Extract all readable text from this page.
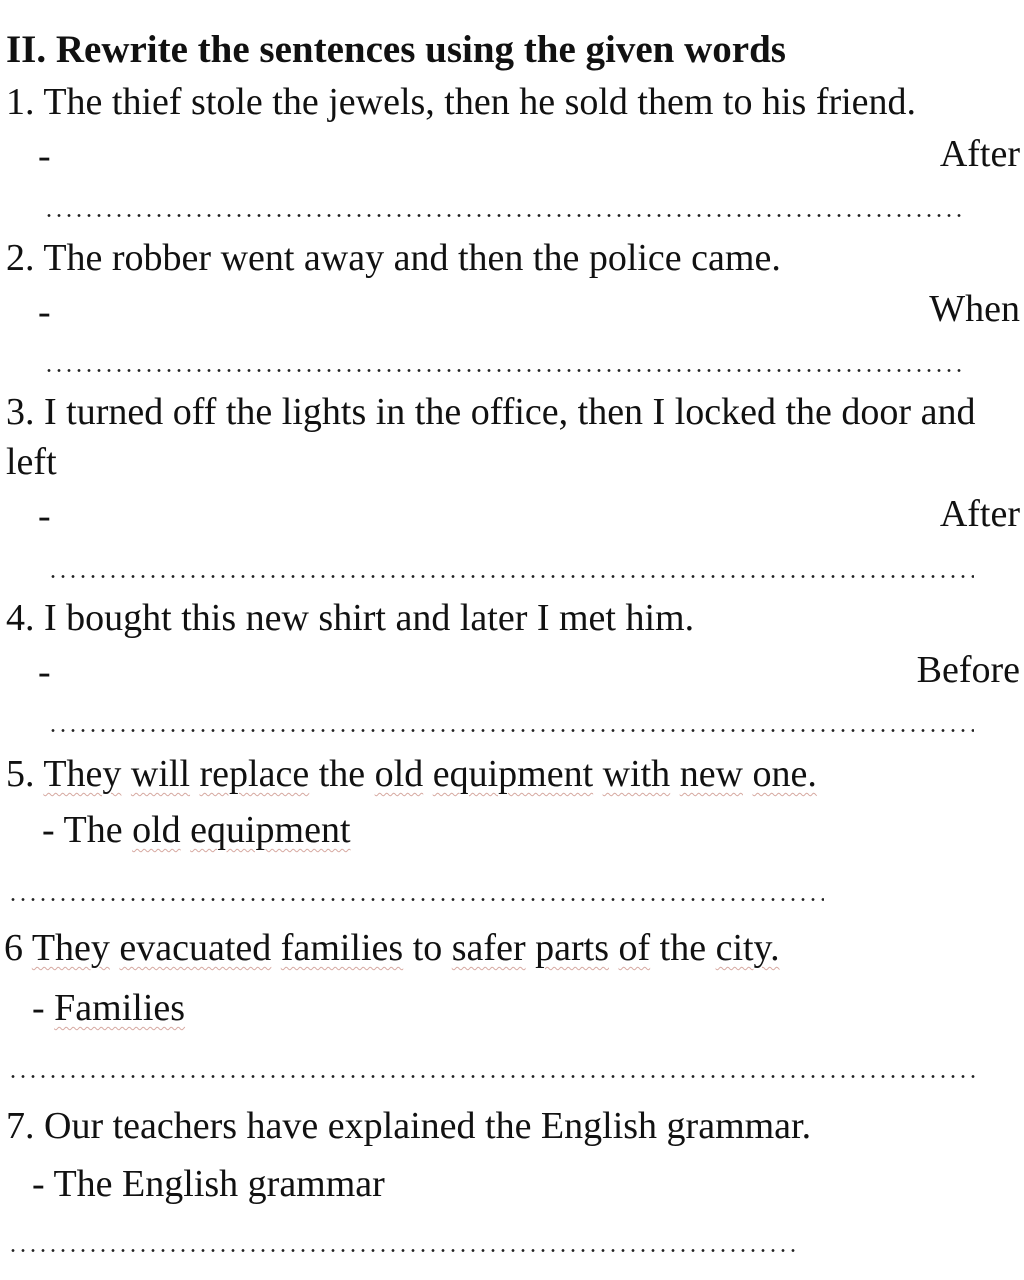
II. Rewrite the sentences using the given words
1. The thief stole the jewels, then he sold them to his friend.
-	After
2. The robber went away and then the police came.
-	When
3. I turned off the lights in the office, then I locked the door and
left
-	After
4. I bought this new shirt and later I met him.
-	Before
5. They will replace the old equipment with new one.
- The old equipment
6 They evacuated families to safer parts of the city.
- Families
7. Our teachers have explained the English grammar.
- The English grammar
